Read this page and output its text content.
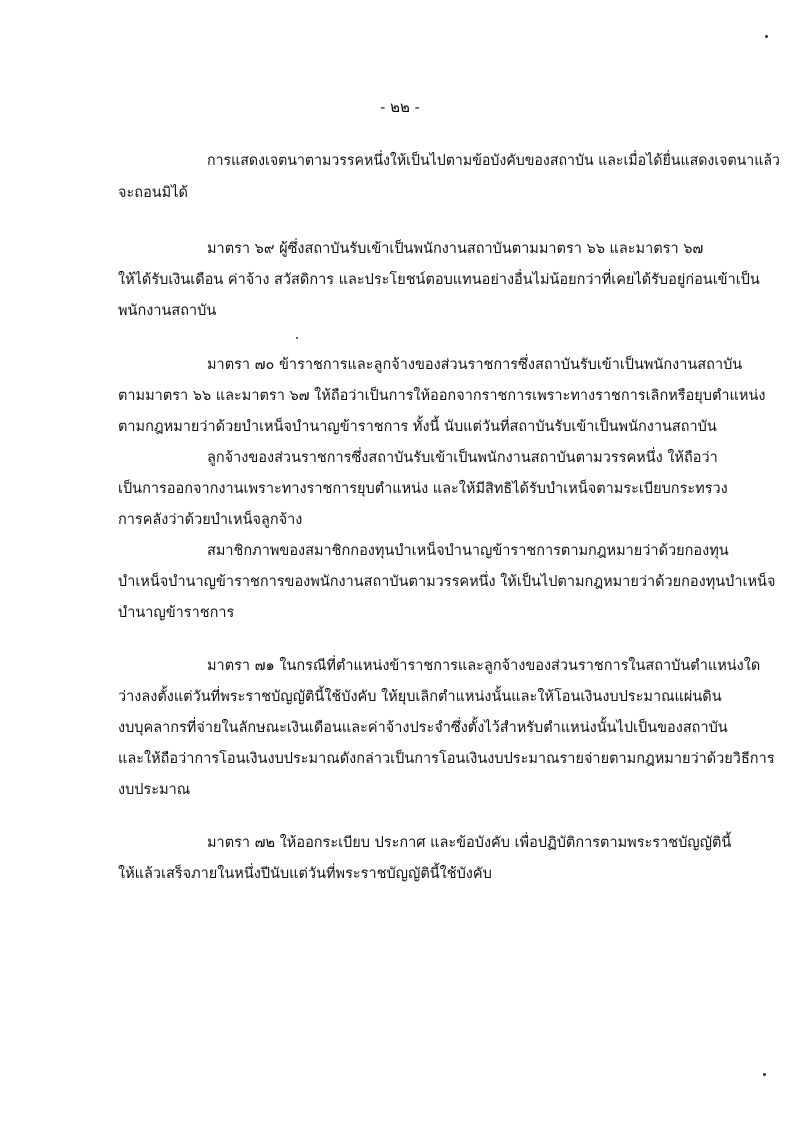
- ๒๒ -
การแสดงเจตนาตามวรรคหนึ่งให้เป็นไปตามข้อบังคับของสถาบัน และเมื่อได้ยื่นแสดงเจตนาแล้ว
จะถอนมิได้
มาตรา ๖๙ ผู้ซึ่งสถาบันรับเข้าเป็นพนักงานสถาบันตามมาตรา ๖๖ และมาตรา ๖๗
ให้ได้รับเงินเดือน ค่าจ้าง สวัสดิการ และประโยชน์ตอบแทนอย่างอื่นไม่น้อยกว่าที่เคยได้รับอยู่ก่อนเข้าเป็น
พนักงานสถาบัน
มาตรา ๗๐ ข้าราชการและลูกจ้างของส่วนราชการซึ่งสถาบันรับเข้าเป็นพนักงานสถาบัน
ตามมาตรา ๖๖ และมาตรา ๖๗ ให้ถือว่าเป็นการให้ออกจากราชการเพราะทางราชการเลิกหรือยุบตำแหน่ง
ตามกฎหมายว่าด้วยบำเหน็จบำนาญข้าราชการ ทั้งนี้ นับแต่วันที่สถาบันรับเข้าเป็นพนักงานสถาบัน
ลูกจ้างของส่วนราชการซึ่งสถาบันรับเข้าเป็นพนักงานสถาบันตามวรรคหนึ่ง ให้ถือว่า
เป็นการออกจากงานเพราะทางราชการยุบตำแหน่ง และให้มีสิทธิได้รับบำเหน็จตามระเบียบกระทรวง
การคลังว่าด้วยบำเหน็จลูกจ้าง
สมาชิกภาพของสมาชิกกองทุนบำเหน็จบำนาญข้าราชการตามกฎหมายว่าด้วยกองทุน
บำเหน็จบำนาญข้าราชการของพนักงานสถาบันตามวรรคหนึ่ง ให้เป็นไปตามกฎหมายว่าด้วยกองทุนบำเหน็จ
บำนาญข้าราชการ
มาตรา ๗๑ ในกรณีที่ตำแหน่งข้าราชการและลูกจ้างของส่วนราชการในสถาบันตำแหน่งใด
ว่างลงตั้งแต่วันที่พระราชบัญญัตินี้ใช้บังคับ ให้ยุบเลิกตำแหน่งนั้นและให้โอนเงินงบประมาณแผ่นดิน
งบบุคลากรที่จ่ายในลักษณะเงินเดือนและค่าจ้างประจำซึ่งตั้งไว้สำหรับตำแหน่งนั้นไปเป็นของสถาบัน
และให้ถือว่าการโอนเงินงบประมาณดังกล่าวเป็นการโอนเงินงบประมาณรายจ่ายตามกฎหมายว่าด้วยวิธีการ
งบประมาณ
มาตรา ๗๒ ให้ออกระเบียบ ประกาศ และข้อบังคับ เพื่อปฏิบัติการตามพระราชบัญญัตินี้
ให้แล้วเสร็จภายในหนึ่งปีนับแต่วันที่พระราชบัญญัตินี้ใช้บังคับ
